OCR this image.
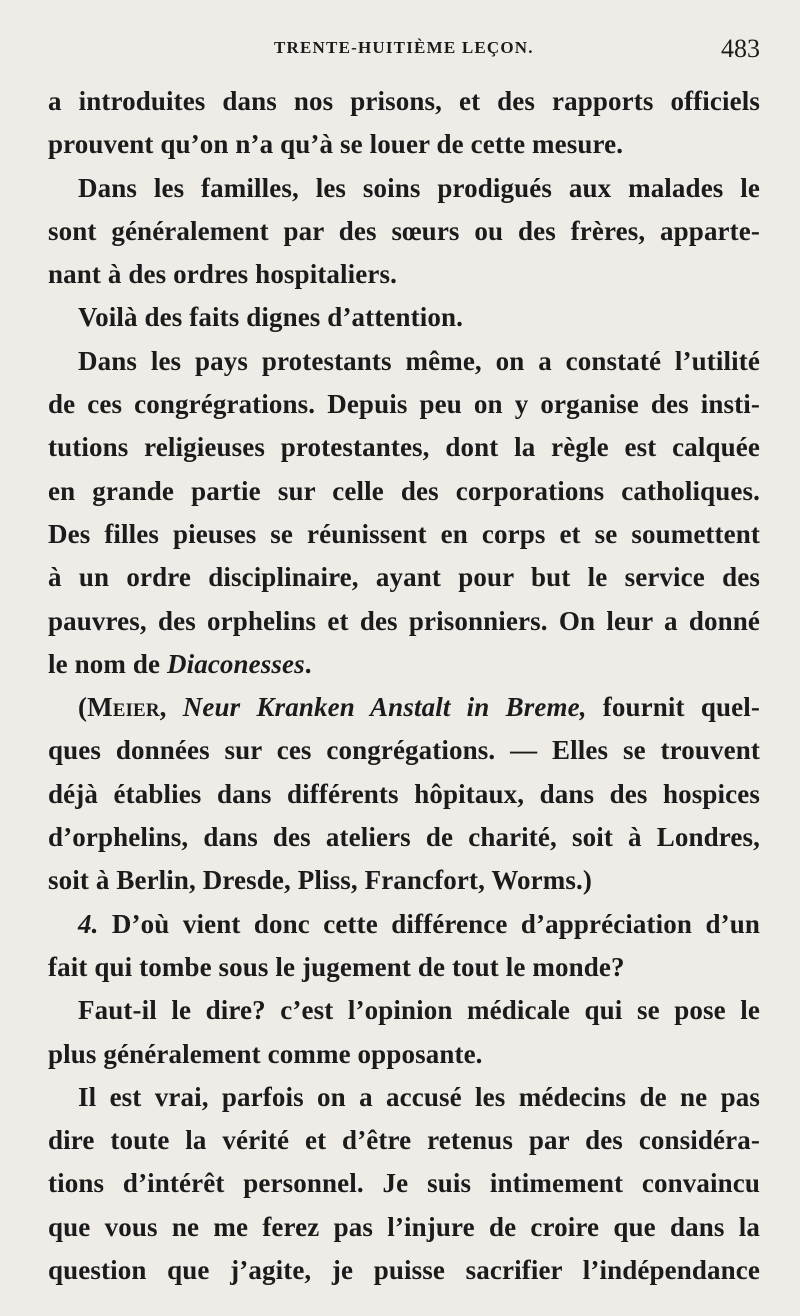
TRENTE-HUITIÈME LEÇON.	483

a introduites dans nos prisons, et des rapports officiels
prouvent qu’on n’a qu’à se louer de cette mesure.

Dans les familles, les soins prodigués aux malades le
sont généralement par des sœurs ou des frères, apparte-
nant à des ordres hospitaliers.

Voilà des faits dignes d’attention.

Dans les pays protestants même, on a constaté l’utilité
de ces congrégrations. Depuis peu on y organise des insti-
tutions religieuses protestantes, dont la règle est calquée
en grande partie sur celle des corporations catholiques.
Des filles pieuses se réunissent en corps et se soumettent
à un ordre disciplinaire, ayant pour but le service des
pauvres, des orphelins et des prisonniers. On leur a donné
le nom de Diaconesses.

(Meier, Neur Kranken Anstalt in Breme, fournit quel-
ques données sur ces congrégations. — Elles se trouvent
déjà établies dans différents hôpitaux, dans des hospices
d’orphelins, dans des ateliers de charité, soit à Londres,
soit à Berlin, Dresde, Pliss, Francfort, Worms.)

4. D’où vient donc cette différence d’appréciation d’un
fait qui tombe sous le jugement de tout le monde?

Faut-il le dire? c’est l’opinion médicale qui se pose le
plus généralement comme opposante.

Il est vrai, parfois on a accusé les médecins de ne pas
dire toute la vérité et d’être retenus par des considéra-
tions d’intérêt personnel. Je suis intimement convaincu
que vous ne me ferez pas l’injure de croire que dans la
question que j’agite, je puisse sacrifier l’indépendance
